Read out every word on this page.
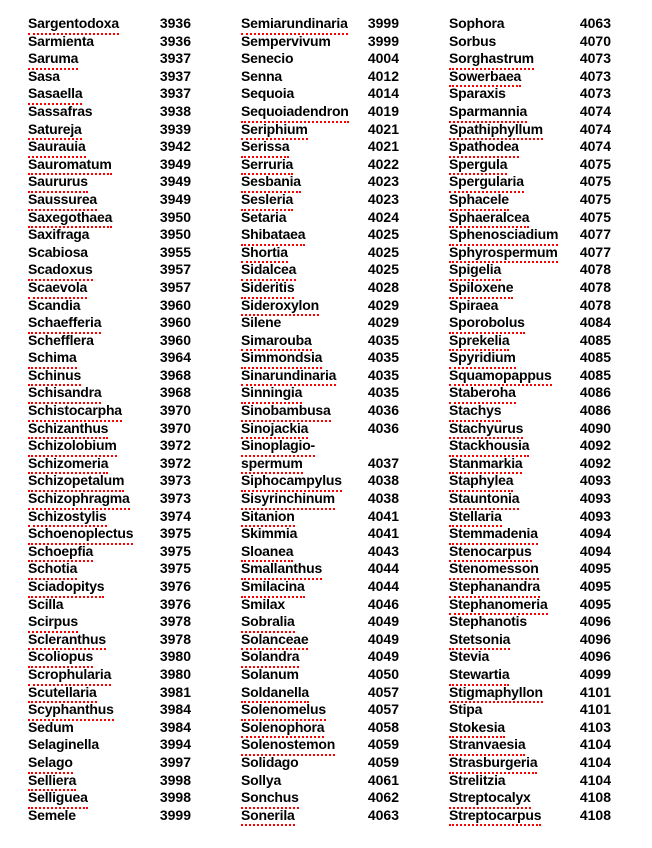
Sargentodoxa	3936
Sarmienta	3936
Saruma	3937
Sasa	3937
Sasaella	3937
Sassafras	3938
Satureja	3939
Saurauia	3942
Sauromatum	3949
Saururus	3949
Saussurea	3949
Saxegothaea	3950
Saxifraga	3950
Scabiosa	3955
Scadoxus	3957
Scaevola	3957
Scandia	3960
Schaefferia	3960
Schefflera	3960
Schima	3964
Schinus	3968
Schisandra	3968
Schistocarpha	3970
Schizanthus	3970
Schizolobium	3972
Schizomeria	3972
Schizopetalum	3973
Schizophragma 3973
Schizostylis	3974
Schoenoplectus 3975
Schoepfia	3975
Schotia	3975
Sciadopitys	3976
Scilla	3976
Scirpus	3978
Scleranthus	3978
Scoliopus	3980
Scrophularia	3980
Scutellaria	3981
Scyphanthus	3984
Sedum	3984
Selaginella	3994
Selago	3997
Selliera	3998
Selliguea	3998
Semele	3999
Semiarundinaria 3999
Sempervivum	3999
Senecio	4004
Senna	4012
Sequoia	4014
Sequoiadendron 4019
Seriphium	4021
Serissa	4021
Serruria	4022
Sesbania	4023
Sesleria	4023
Setaria	4024
Shibataea	4025
Shortia	4025
Sidalcea	4025
Sideritis	4028
Sideroxylon	4029
Silene	4029
Simarouba	4035
Simmondsia	4035
Sinarundinaria 4035
Sinningia	4035
Sinobambusa	4036
Sinojackia	4036
Sinoplagio-
spermum	4037
Siphocampylus 4038
Sisyrinchinum 4038
Sitanion	4041
Skimmia	4041
Sloanea	4043
Smallanthus	4044
Smilacina	4044
Smilax	4046
Sobralia	4049
Solanceae	4049
Solandra	4049
Solanum	4050
Soldanella	4057
Solenomelus	4057
Solenophora	4058
Solenostemon 4059
Solidago	4059
Sollya	4061
Sonchus	4062
Sonerila	4063
Sophora	4063
Sorbus	4070
Sorghastrum	4073
Sowerbaea	4073
Sparaxis	4073
Sparmannia	4074
Spathiphyllum	4074
Spathodea	4074
Spergula	4075
Spergularia	4075
Sphacele	4075
Sphaeralcea	4075
Sphenosciadium 4077
Sphyrospermum 4077
Spigelia	4078
Spiloxene	4078
Spiraea	4078
Sporobolus	4084
Sprekelia	4085
Spyridium	4085
Squamopappus 4085
Staberoha	4086
Stachys	4086
Stachyurus	4090
Stackhousia	4092
Stanmarkia	4092
Staphylea	4093
Stauntonia	4093
Stellaria	4093
Stemmadenia	4094
Stenocarpus	4094
Stenomesson	4095
Stephanandra	4095
Stephanomeria 4095
Stephanotis	4096
Stetsonia	4096
Stevia	4096
Stewartia	4099
Stigmaphyllon	4101
Stipa	4101
Stokesia	4103
Stranvaesia	4104
Strasburgeria	4104
Strelitzia	4104
Streptocalyx	4108
Streptocarpus	4108
